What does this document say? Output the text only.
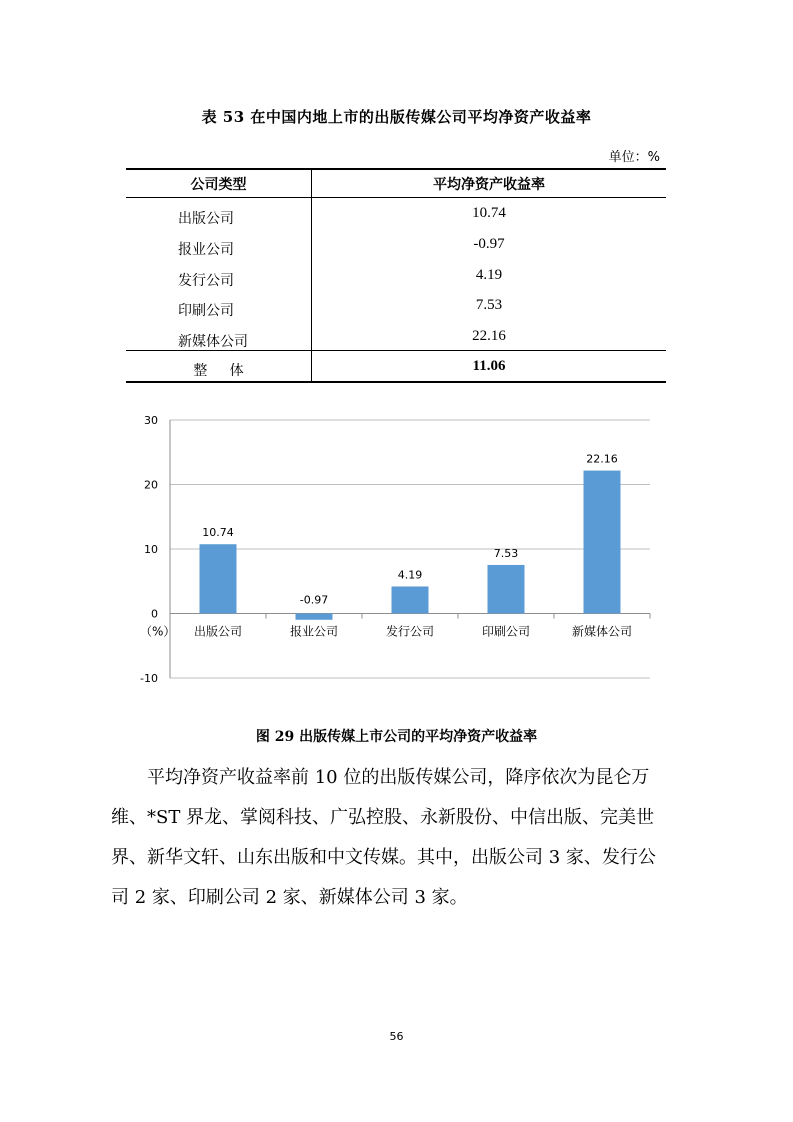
表 53 在中国内地上市的出版传媒公司平均净资产收益率
单位：%
公司类型	平均净资产收益率
出版公司	10.74
报业公司	-0.97
发行公司	4.19
印刷公司	7.53
新媒体公司	22.16
整     体	11.06
-10
0
10
20
30
10.74
-0.97
4.19
7.53
22.16
出版公司	报业公司	发行公司	印刷公司	新媒体公司
（%）
图 29 出版传媒上市公司的平均净资产收益率
平均净资产收益率前 10 位的出版传媒公司，降序依次为昆仑万
维、*ST 界龙、掌阅科技、广弘控股、永新股份、中信出版、完美世
界、新华文轩、山东出版和中文传媒。其中，出版公司 3 家、发行公
司 2 家、印刷公司 2 家、新媒体公司 3 家。
56
